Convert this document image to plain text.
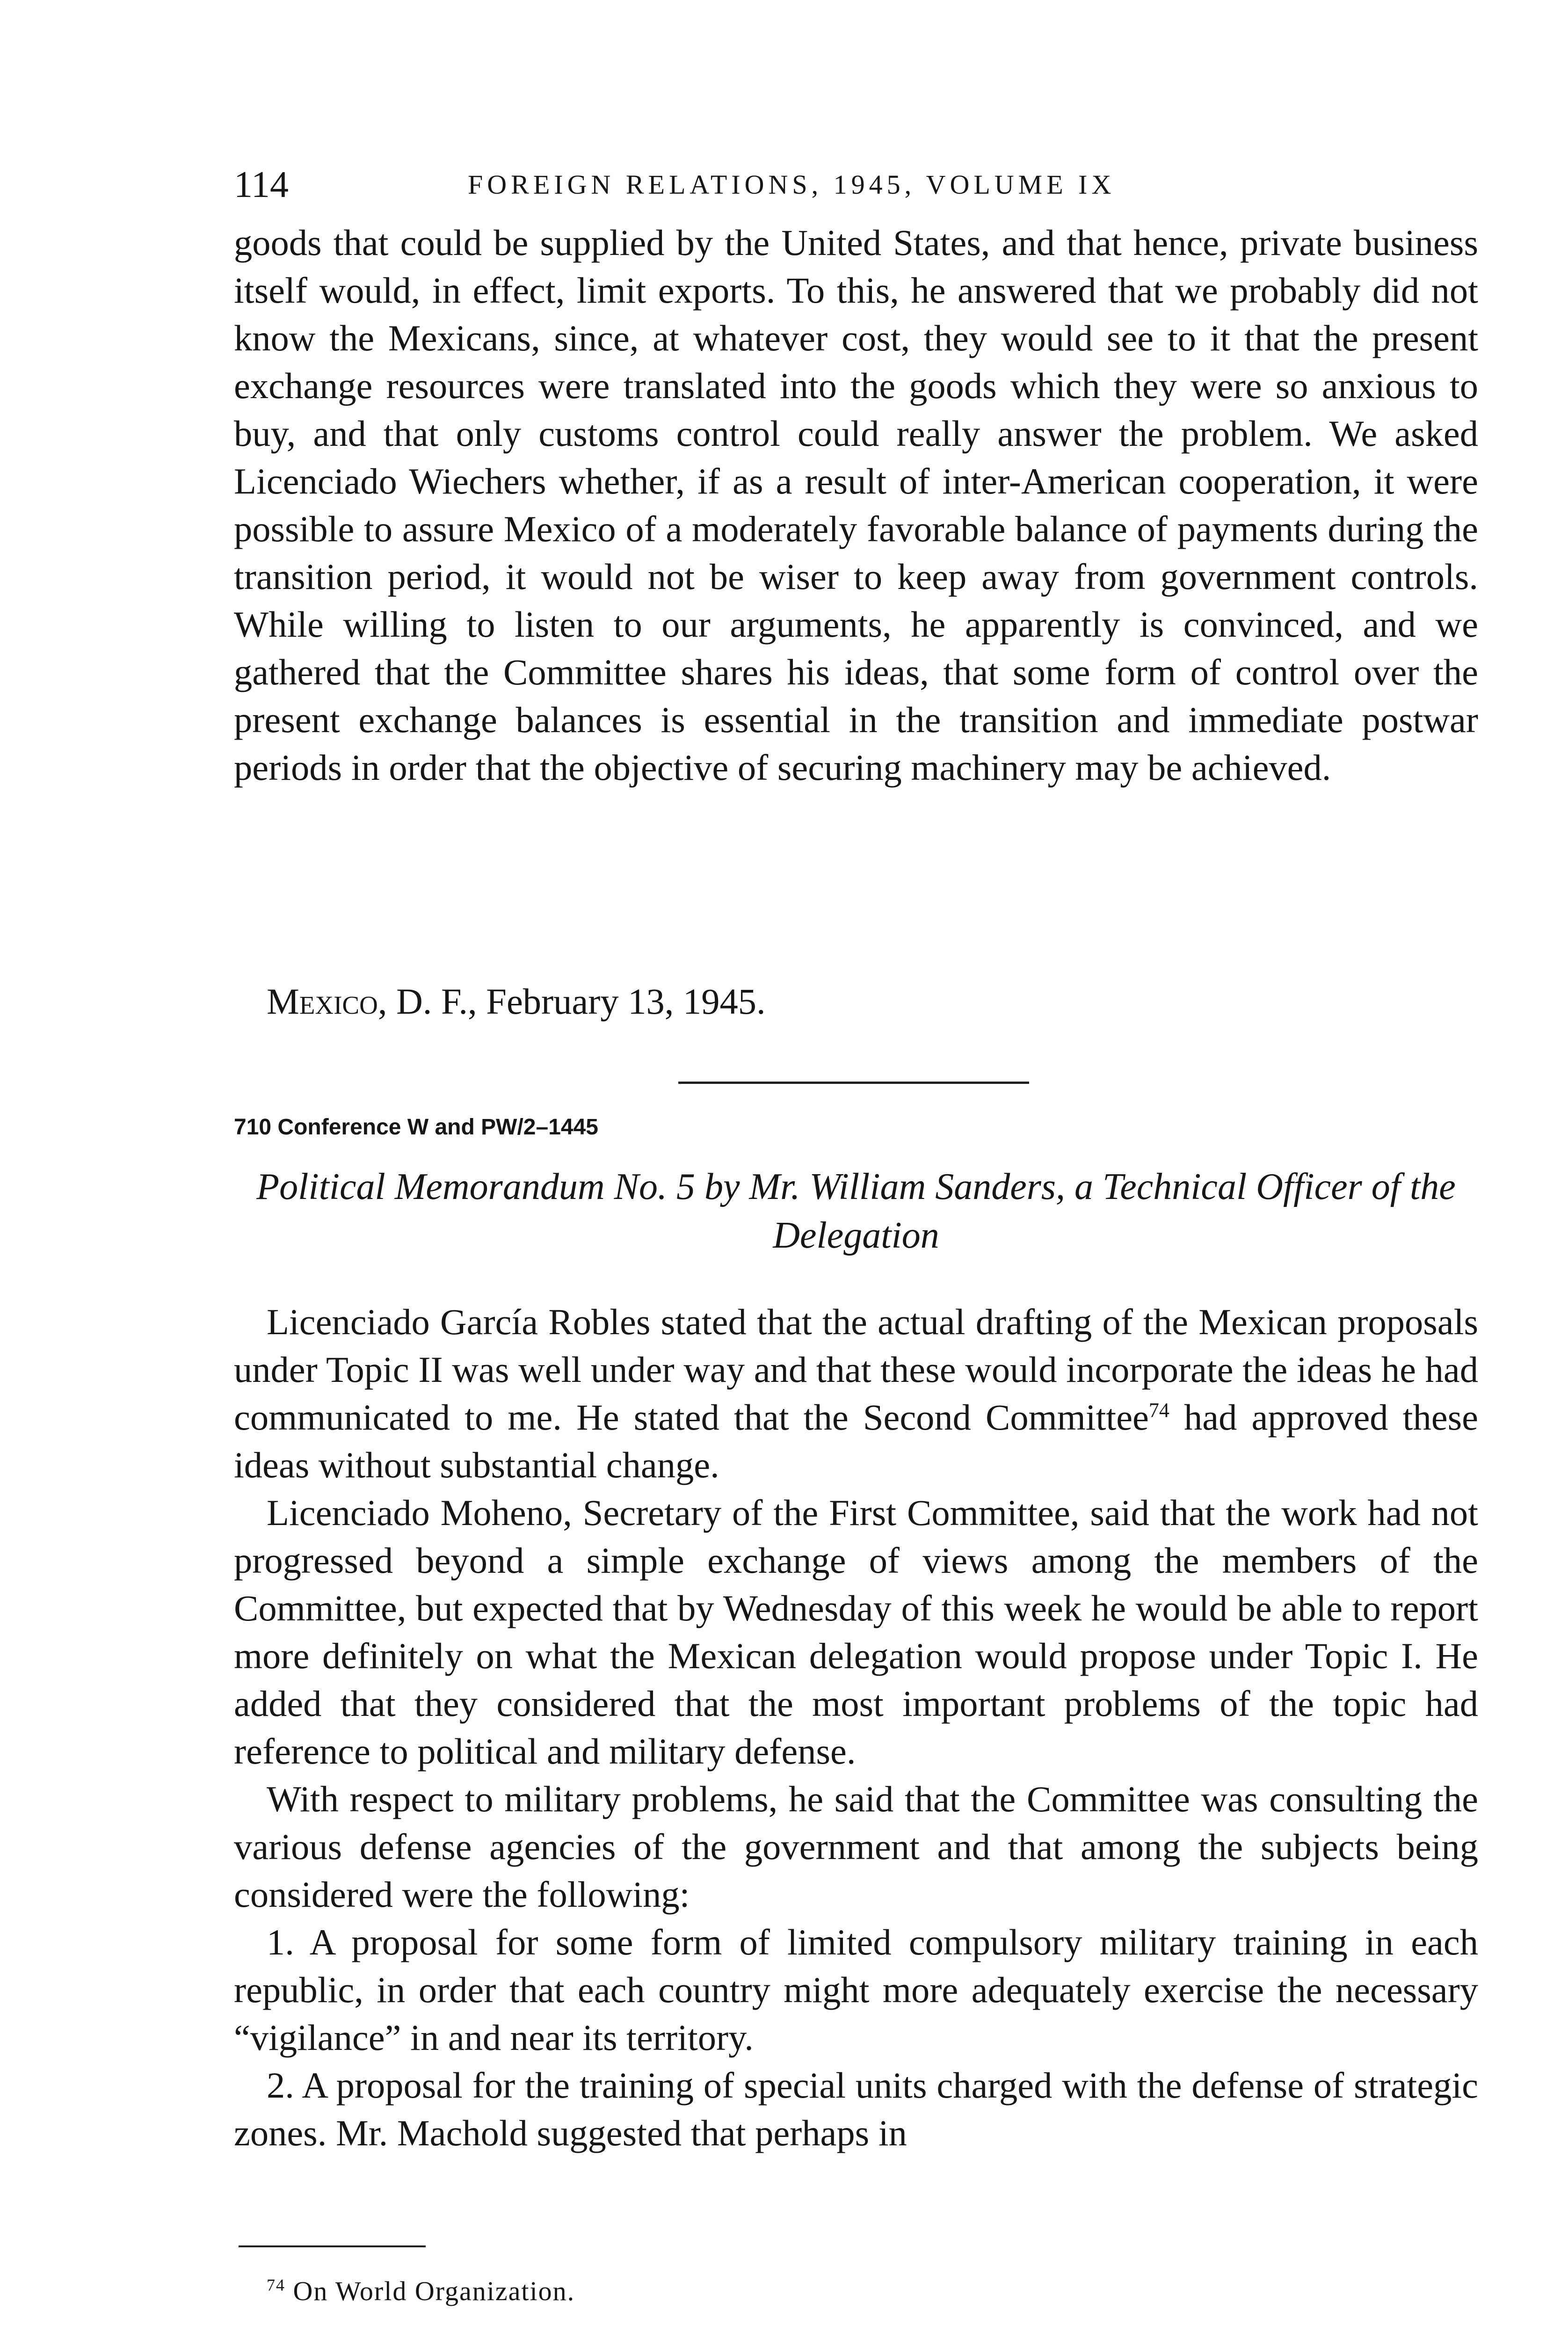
114	FOREIGN RELATIONS, 1945, VOLUME IX

goods that could be supplied by the United States, and that hence, private business itself would, in effect, limit exports. To this, he answered that we probably did not know the Mexicans, since, at whatever cost, they would see to it that the present exchange resources were translated into the goods which they were so anxious to buy, and that only customs control could really answer the problem. We asked Licenciado Wiechers whether, if as a result of inter-American cooperation, it were possible to assure Mexico of a moderately favorable balance of payments during the transition period, it would not be wiser to keep away from government controls. While willing to listen to our arguments, he apparently is convinced, and we gathered that the Committee shares his ideas, that some form of control over the present exchange balances is essential in the transition and immediate postwar periods in order that the objective of securing machinery may be achieved.

Mexico, D. F., February 13, 1945.
710 Conference W and PW/2–1445
Political Memorandum No. 5 by Mr. William Sanders, a Technical Officer of the Delegation

Licenciado García Robles stated that the actual drafting of the Mexican proposals under Topic II was well under way and that these would incorporate the ideas he had communicated to me. He stated that the Second Committee$^{74}$ had approved these ideas without substantial change.

Licenciado Moheno, Secretary of the First Committee, said that the work had not progressed beyond a simple exchange of views among the members of the Committee, but expected that by Wednesday of this week he would be able to report more definitely on what the Mexican delegation would propose under Topic I. He added that they considered that the most important problems of the topic had reference to political and military defense.

With respect to military problems, he said that the Committee was consulting the various defense agencies of the government and that among the subjects being considered were the following:

1. A proposal for some form of limited compulsory military training in each republic, in order that each country might more adequately exercise the necessary “vigilance” in and near its territory.

2. A proposal for the training of special units charged with the defense of strategic zones. Mr. Machold suggested that perhaps in

$^{74}$ On World Organization.
